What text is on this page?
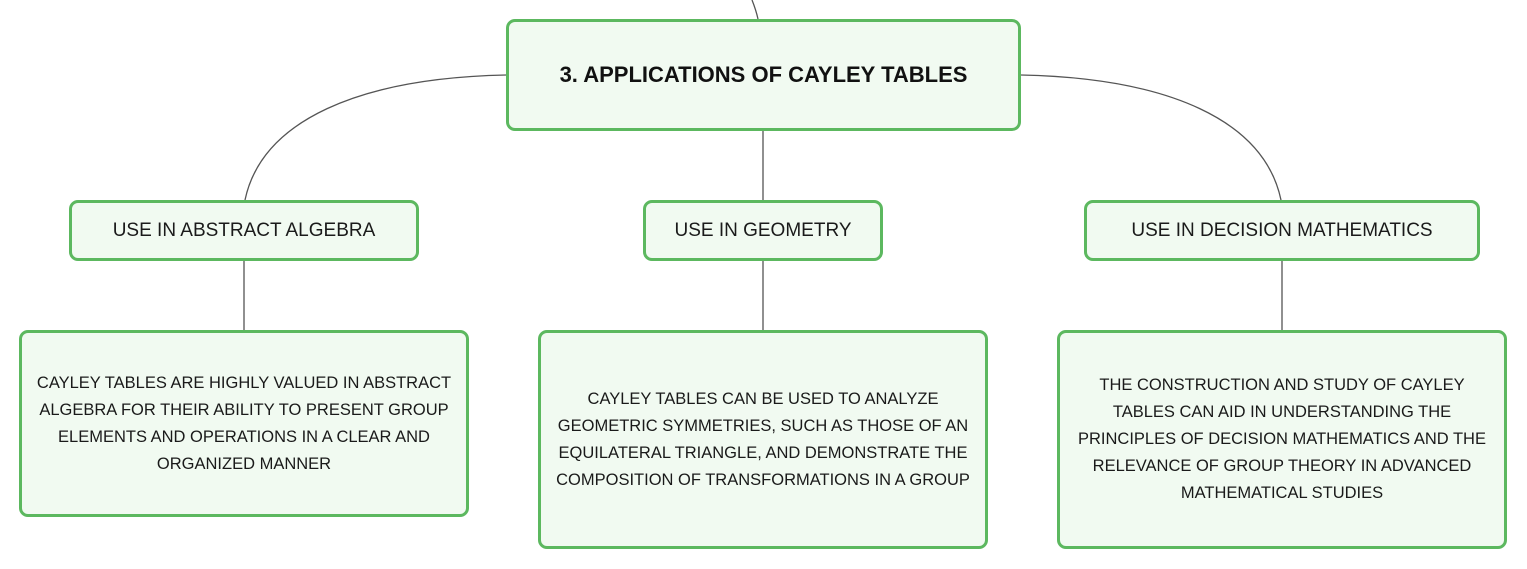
3. APPLICATIONS OF CAYLEY TABLES
USE IN ABSTRACT ALGEBRA	USE IN GEOMETRY	USE IN DECISION MATHEMATICS
CAYLEY TABLES ARE HIGHLY VALUED IN ABSTRACT ALGEBRA FOR THEIR ABILITY TO PRESENT GROUP ELEMENTS AND OPERATIONS IN A CLEAR AND ORGANIZED MANNER
CAYLEY TABLES CAN BE USED TO ANALYZE GEOMETRIC SYMMETRIES, SUCH AS THOSE OF AN EQUILATERAL TRIANGLE, AND DEMONSTRATE THE COMPOSITION OF TRANSFORMATIONS IN A GROUP
THE CONSTRUCTION AND STUDY OF CAYLEY TABLES CAN AID IN UNDERSTANDING THE PRINCIPLES OF DECISION MATHEMATICS AND THE RELEVANCE OF GROUP THEORY IN ADVANCED MATHEMATICAL STUDIES
